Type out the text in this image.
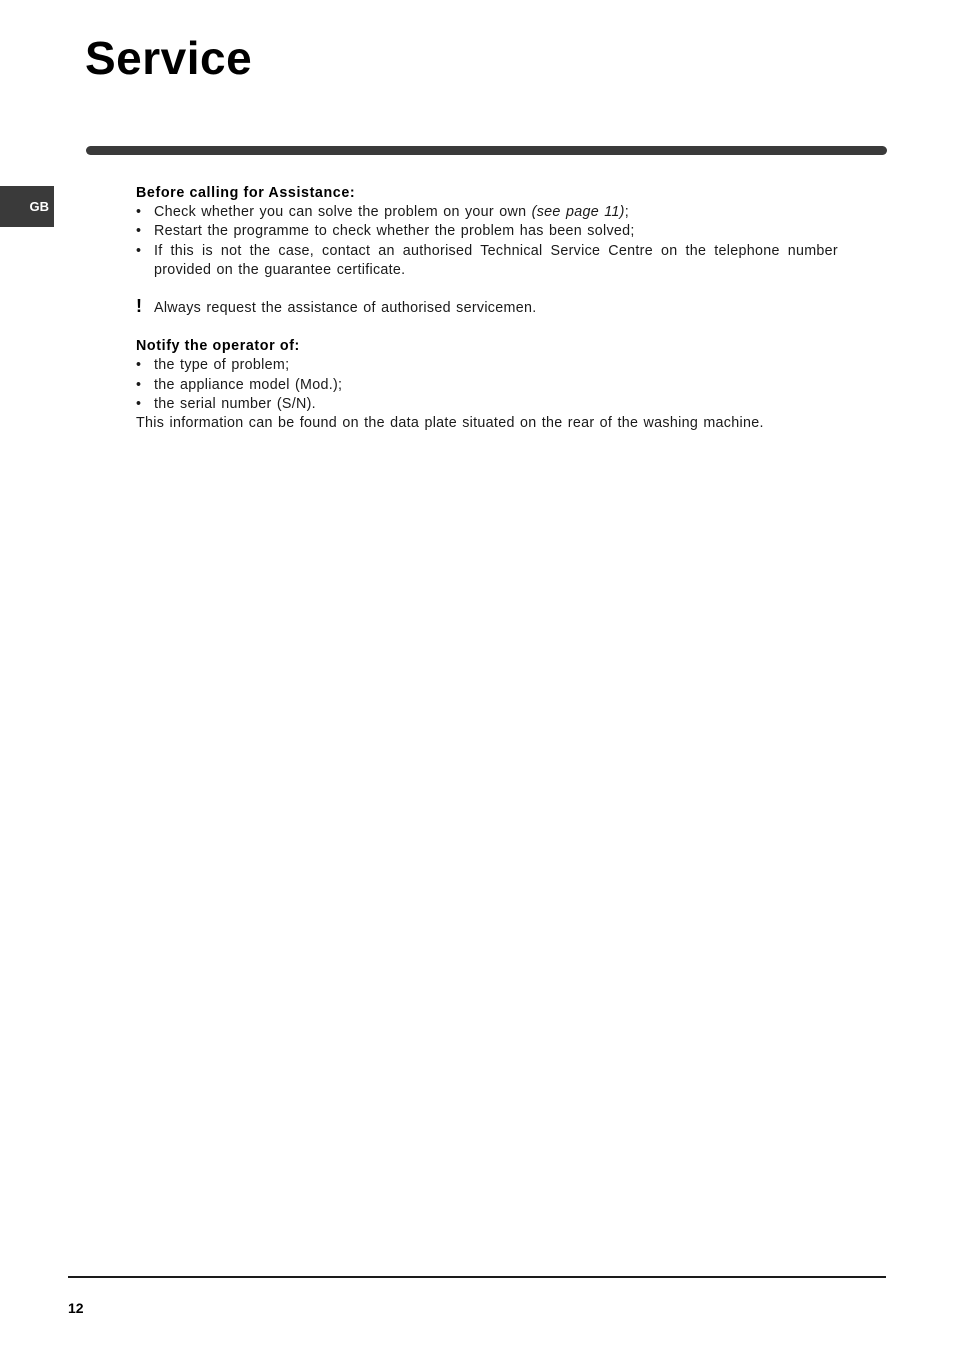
Service
GB

Before calling for Assistance:

• Check whether you can solve the problem on your own (see page 11);
• Restart the programme to check whether the problem has been solved;
• If this is not the case, contact an authorised Technical Service Centre on the telephone number provided on the guarantee certificate.
! Always request the assistance of authorised servicemen.

Notify the operator of:

• the type of problem;
• the appliance model (Mod.);
• the serial number (S/N).
This information can be found on the data plate situated on the rear of the washing machine.
12
